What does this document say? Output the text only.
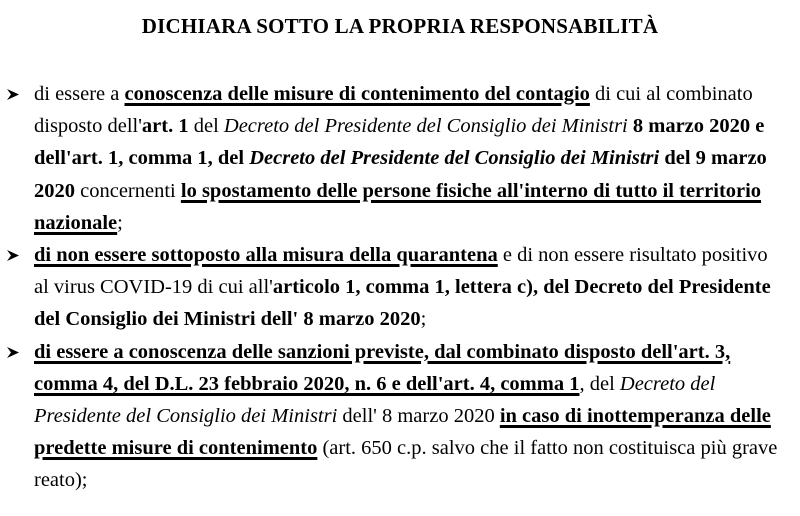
DICHIARA SOTTO LA PROPRIA RESPONSABILITÀ
di essere a conoscenza delle misure di contenimento del contagio di cui al combinato disposto dell'art. 1 del Decreto del Presidente del Consiglio dei Ministri 8 marzo 2020 e dell'art. 1, comma 1, del Decreto del Presidente del Consiglio dei Ministri del 9 marzo 2020 concernenti lo spostamento delle persone fisiche all'interno di tutto il territorio nazionale;
di non essere sottoposto alla misura della quarantena e di non essere risultato positivo al virus COVID-19 di cui all'articolo 1, comma 1, lettera c), del Decreto del Presidente del Consiglio dei Ministri dell' 8 marzo 2020;
di essere a conoscenza delle sanzioni previste, dal combinato disposto dell'art. 3, comma 4, del D.L. 23 febbraio 2020, n. 6 e dell'art. 4, comma 1, del Decreto del Presidente del Consiglio dei Ministri dell' 8 marzo 2020 in caso di inottemperanza delle predette misure di contenimento (art. 650 c.p. salvo che il fatto non costituisca più grave reato);
